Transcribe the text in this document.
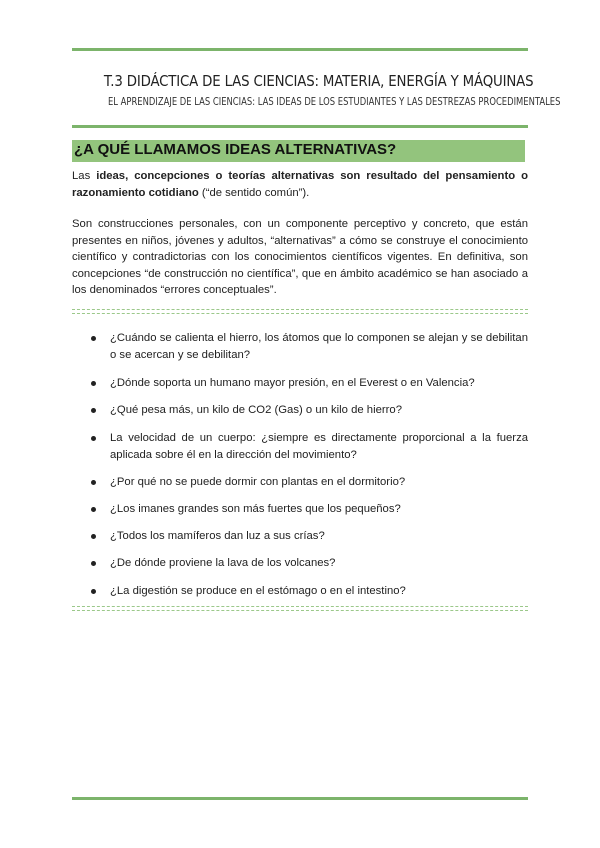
T.3 DIDÁCTICA DE LAS CIENCIAS: MATERIA, ENERGÍA Y MÁQUINAS
EL APRENDIZAJE DE LAS CIENCIAS: LAS IDEAS DE LOS ESTUDIANTES Y LAS DESTREZAS PROCEDIMENTALES
¿A QUÉ LLAMAMOS IDEAS ALTERNATIVAS?
Las ideas, concepciones o teorías alternativas son resultado del pensamiento o razonamiento cotidiano (“de sentido común”).
Son construcciones personales, con un componente perceptivo y concreto, que están presentes en niños, jóvenes y adultos, “alternativas” a cómo se construye el conocimiento científico y contradictorias con los conocimientos científicos vigentes. En definitiva, son concepciones “de construcción no científica”, que en ámbito académico se han asociado a los denominados “errores conceptuales”.
¿Cuándo se calienta el hierro, los átomos que lo componen se alejan y se debilitan o se acercan y se debilitan?
¿Dónde soporta un humano mayor presión, en el Everest o en Valencia?
¿Qué pesa más, un kilo de CO2 (Gas) o un kilo de hierro?
La velocidad de un cuerpo: ¿siempre es directamente proporcional a la fuerza aplicada sobre él en la dirección del movimiento?
¿Por qué no se puede dormir con plantas en el dormitorio?
¿Los imanes grandes son más fuertes que los pequeños?
¿Todos los mamíferos dan luz a sus crías?
¿De dónde proviene la lava de los volcanes?
¿La digestión se produce en el estómago o en el intestino?
